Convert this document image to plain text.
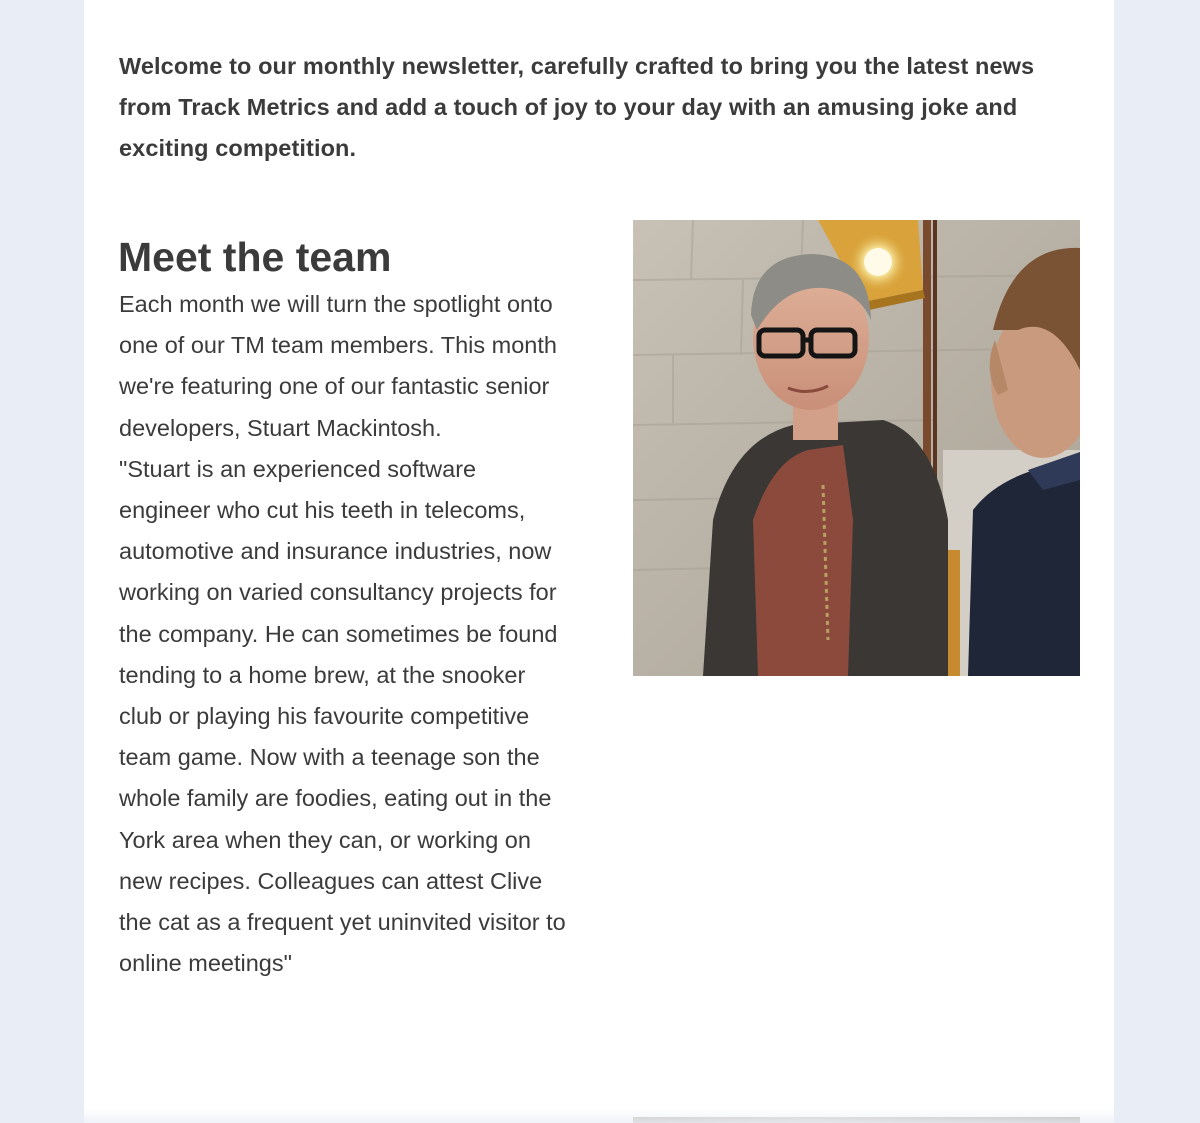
Welcome to our monthly newsletter, carefully crafted to bring you the latest news from Track Metrics and add a touch of joy to your day with an amusing joke and exciting competition.

Meet the team

Each month we will turn the spotlight onto one of our TM team members. This month we're featuring one of our fantastic senior developers, Stuart Mackintosh.

"Stuart is an experienced software engineer who cut his teeth in telecoms, automotive and insurance industries, now working on varied consultancy projects for the company. He can sometimes be found tending to a home brew, at the snooker club or playing his favourite competitive team game. Now with a teenage son the whole family are foodies, eating out in the York area when they can, or working on new recipes. Colleagues can attest Clive the cat as a frequent yet uninvited visitor to online meetings"
